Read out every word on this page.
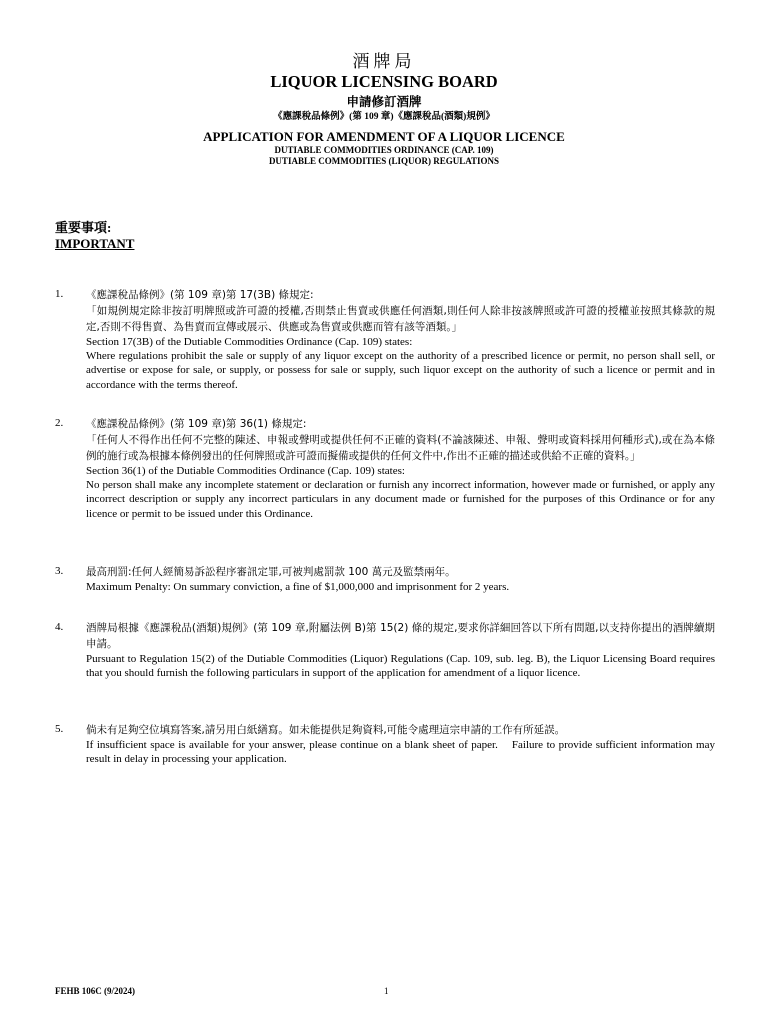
酒牌局
LIQUOR LICENSING BOARD
申請修訂酒牌
《應課稅品條例》(第 109 章)《應課稅品(酒類)規例》
APPLICATION FOR AMENDMENT OF A LIQUOR LICENCE
DUTIABLE COMMODITIES ORDINANCE (CAP. 109)
DUTIABLE COMMODITIES (LIQUOR) REGULATIONS
重要事項:
IMPORTANT
1.	《應課稅品條例》(第 109 章)第 17(3B) 條規定:
「如規例規定除非按訂明牌照或許可證的授權,否則禁止售賣或供應任何酒類,則任何人除非按該牌照或許可證的授權並按照其條款的規定,否則不得售賣、為售賣而宣傳或展示、供應或為售賣或供應而管有該等酒類。」
Section 17(3B) of the Dutiable Commodities Ordinance (Cap. 109) states:
Where regulations prohibit the sale or supply of any liquor except on the authority of a prescribed licence or permit, no person shall sell, or advertise or expose for sale, or supply, or possess for sale or supply, such liquor except on the authority of such a licence or permit and in accordance with the terms thereof.
2.	《應課稅品條例》(第 109 章)第 36(1) 條規定:
「任何人不得作出任何不完整的陳述、申報或聲明或提供任何不正確的資料(不論該陳述、申報、聲明或資料採用何種形式),或在為本條例的施行或為根據本條例發出的任何牌照或許可證而擬備或提供的任何文件中,作出不正確的描述或供給不正確的資料。」
Section 36(1) of the Dutiable Commodities Ordinance (Cap. 109) states:
No person shall make any incomplete statement or declaration or furnish any incorrect information, however made or furnished, or apply any incorrect description or supply any incorrect particulars in any document made or furnished for the purposes of this Ordinance or for any licence or permit to be issued under this Ordinance.
3.	最高刑罰:任何人經簡易訴訟程序審訊定罪,可被判處罰款 100 萬元及監禁兩年。
Maximum Penalty: On summary conviction, a fine of $1,000,000 and imprisonment for 2 years.
4.	酒牌局根據《應課稅品(酒類)規例》(第 109 章,附屬法例 B)第 15(2) 條的規定,要求你詳細回答以下所有問題,以支持你提出的酒牌續期申請。
Pursuant to Regulation 15(2) of the Dutiable Commodities (Liquor) Regulations (Cap. 109, sub. leg. B), the Liquor Licensing Board requires that you should furnish the following particulars in support of the application for amendment of a liquor licence.
5.	倘未有足夠空位填寫答案,請另用白紙繕寫。如未能提供足夠資料,可能令處理這宗申請的工作有所延誤。
If insufficient space is available for your answer, please continue on a blank sheet of paper.    Failure to provide sufficient information may result in delay in processing your application.
FEHB 106C (9/2024)	1
